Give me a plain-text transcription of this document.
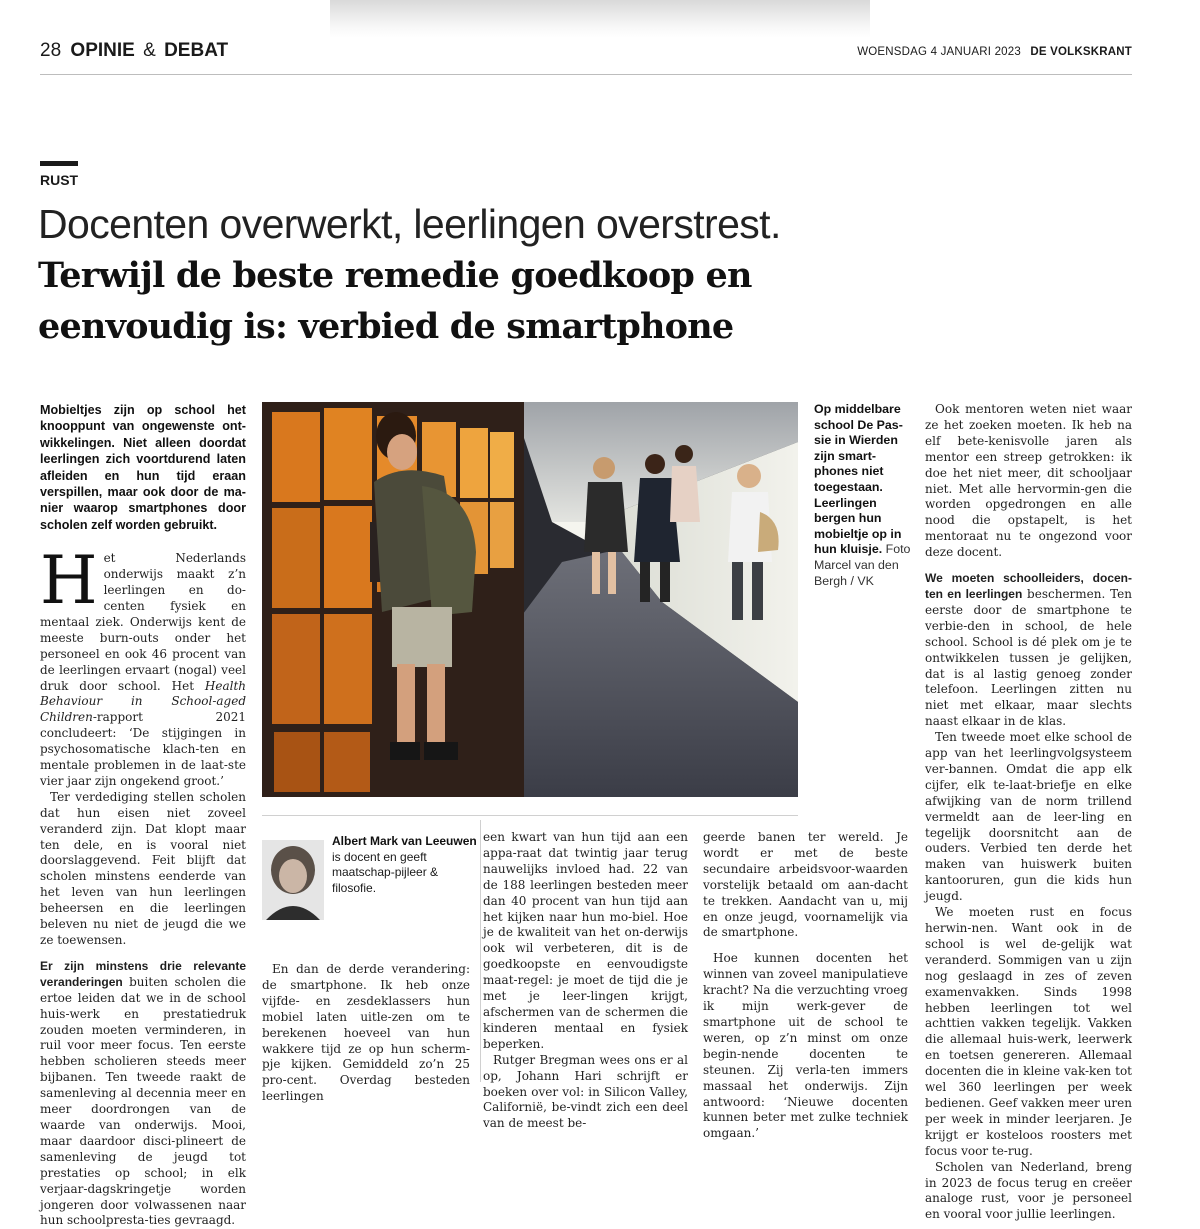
28 OPINIE & DEBAT	WOENSDAG 4 JANUARI 2023 DE VOLKSKRANT
RUST
Docenten overwerkt, leerlingen overstrest.
Terwijl de beste remedie goedkoop en
eenvoudig is: verbied de smartphone

Mobieltjes zijn op school het knooppunt van ongewenste ont-wikkelingen. Niet alleen doordat leerlingen zich voortdurend laten afleiden en hun tijd eraan verspillen, maar ook door de ma-nier waarop smartphones door scholen zelf worden gebruikt.

H et Nederlands onderwijs maakt z’n leerlingen en do-centen fysiek en mentaal ziek. Onderwijs kent de meeste burn-outs onder het personeel en ook 46 procent van de leerlingen ervaart (nogal) veel druk door school. Het Health Behaviour in School-aged Children-rapport 2021 concludeert: ‘De stijgingen in psychosomatische klach-ten en mentale problemen in de laat-ste vier jaar zijn ongekend groot.’

Ter verdediging stellen scholen dat hun eisen niet zoveel veranderd zijn. Dat klopt maar ten dele, en is vooral niet doorslaggevend. Feit blijft dat scholen minstens eenderde van het leven van hun leerlingen beheersen en die leerlingen beleven nu niet de jeugd die we ze toewensen.

Er zijn minstens drie relevante veranderingen buiten scholen die ertoe leiden dat we in de school huis-werk en prestatiedruk zouden moeten verminderen, in ruil voor meer focus. Ten eerste hebben scholieren steeds meer bijbanen. Ten tweede raakt de samenleving al decennia meer en meer doordrongen van de waarde van onderwijs. Mooi, maar daardoor disci-plineert de samenleving de jeugd tot prestaties op school; in elk verjaar-dagskringetje worden jongeren door volwassenen naar hun schoolpresta-ties gevraagd.

Op middelbare school De Pas-sie in Wierden zijn smart-phones niet toegestaan. Leerlingen bergen hun mobieltje op in hun kluisje. Foto Marcel van den Bergh / VK
Albert Mark van Leeuwen is docent en geeft maatschap-pijleer & filosofie.

En dan de derde verandering: de smartphone. Ik heb onze vijfde- en zesdeklassers hun mobiel laten uitle-zen om te berekenen hoeveel van hun wakkere tijd ze op hun scherm-pje kijken. Gemiddeld zo’n 25 pro-cent. Overdag besteden leerlingen

een kwart van hun tijd aan een appa-raat dat twintig jaar terug nauwelijks invloed had. 22 van de 188 leerlingen besteden meer dan 40 procent van hun tijd aan het kijken naar hun mo-biel. Hoe je de kwaliteit van het on-derwijs ook wil verbeteren, dit is de goedkoopste en eenvoudigste maat-regel: je moet de tijd die je met je leer-lingen krijgt, afschermen van de schermen die kinderen mentaal en fysiek beperken.

Rutger Bregman wees ons er al op, Johann Hari schrijft er boeken over vol: in Silicon Valley, Californië, be-vindt zich een deel van de meest be-

geerde banen ter wereld. Je wordt er met de beste secundaire arbeidsvoor-waarden vorstelijk betaald om aan-dacht te trekken. Aandacht van u, mij en onze jeugd, voornamelijk via de smartphone.

Hoe kunnen docenten het winnen van zoveel manipulatieve kracht? Na die verzuchting vroeg ik mijn werk-gever de smartphone uit de school te weren, op z’n minst om onze begin-nende docenten te steunen. Zij verla-ten immers massaal het onderwijs. Zijn antwoord: ‘Nieuwe docenten kunnen beter met zulke techniek omgaan.’

Ook mentoren weten niet waar ze het zoeken moeten. Ik heb na elf bete-kenisvolle jaren als mentor een streep getrokken: ik doe het niet meer, dit schooljaar niet. Met alle hervormin-gen die worden opgedrongen en alle nood die opstapelt, is het mentoraat nu te ongezond voor deze docent.

We moeten schoolleiders, docen-ten en leerlingen beschermen. Ten eerste door de smartphone te verbie-den in school, de hele school. School is dé plek om je te ontwikkelen tussen je gelijken, dat is al lastig genoeg zonder telefoon. Leerlingen zitten nu niet met elkaar, maar slechts naast elkaar in de klas.

Ten tweede moet elke school de app van het leerlingvolgsysteem ver-bannen. Omdat die app elk cijfer, elk te-laat-briefje en elke afwijking van de norm trillend vermeldt aan de leer-ling en tegelijk doorsnitcht aan de ouders. Verbied ten derde het maken van huiswerk buiten kantooruren, gun die kids hun jeugd.

We moeten rust en focus herwin-nen. Want ook in de school is wel de-gelijk wat veranderd. Sommigen van u zijn nog geslaagd in zes of zeven examenvakken. Sinds 1998 hebben leerlingen tot wel achttien vakken tegelijk. Vakken die allemaal huis-werk, leerwerk en toetsen genereren. Allemaal docenten die in kleine vak-ken tot wel 360 leerlingen per week bedienen. Geef vakken meer uren per week in minder leerjaren. Je krijgt er kosteloos roosters met focus voor te-rug.

Scholen van Nederland, breng in 2023 de focus terug en creëer analoge rust, voor je personeel en vooral voor jullie leerlingen.
